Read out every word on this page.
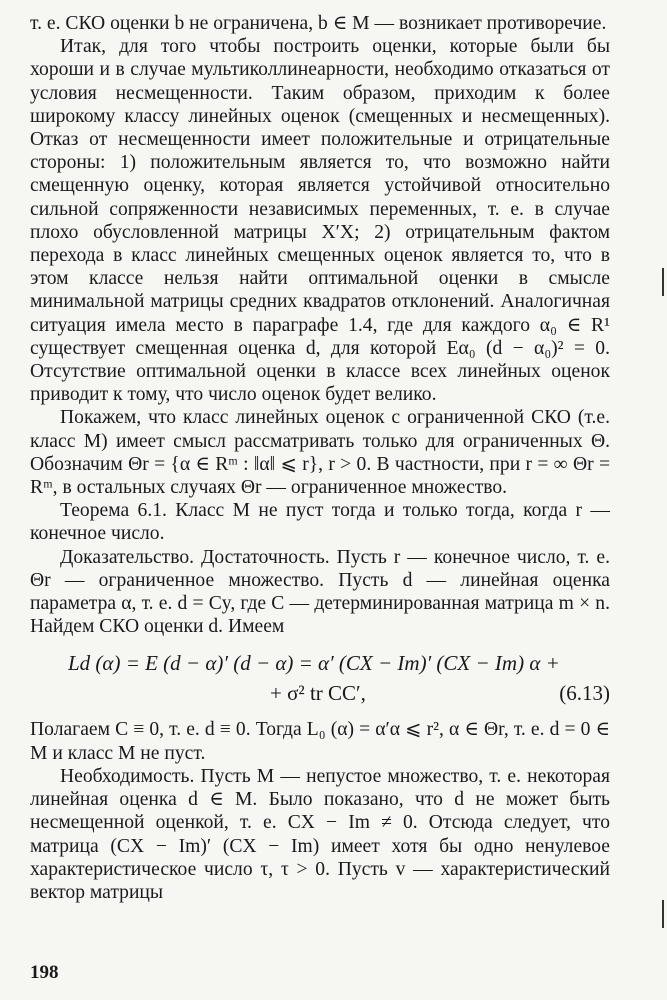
т. е. СКО оценки b не ограничена, b ∈ M — возникает противоречие.

Итак, для того чтобы построить оценки, которые были бы хороши и в случае мультиколлинеарности, необходимо отказаться от условия несмещенности. Таким образом, приходим к более широкому классу линейных оценок (смещенных и несмещенных). Отказ от несмещенности имеет положительные и отрицательные стороны: 1) положительным является то, что возможно найти смещенную оценку, которая является устойчивой относительно сильной сопряженности независимых переменных, т. е. в случае плохо обусловленной матрицы X′X; 2) отрицательным фактом перехода в класс линейных смещенных оценок является то, что в этом классе нельзя найти оптимальной оценки в смысле минимальной матрицы средних квадратов отклонений. Аналогичная ситуация имела место в параграфе 1.4, где для каждого α₀ ∈ R¹ существует смещенная оценка d, для которой Eα₀ (d − α₀)² = 0. Отсутствие оптимальной оценки в классе всех линейных оценок приводит к тому, что число оценок будет велико.

Покажем, что класс линейных оценок с ограниченной СКО (т.е. класс M) имеет смысл рассматривать только для ограниченных Θ. Обозначим Θr = {α ∈ Rᵐ : ‖α‖ ⩽ r}, r > 0. В частности, при r = ∞ Θr = Rᵐ, в остальных случаях Θr — ограниченное множество.

Теорема 6.1. Класс M не пуст тогда и только тогда, когда r — конечное число.

Доказательство. Достаточность. Пусть r — конечное число, т. е. Θr — ограниченное множество. Пусть d — линейная оценка параметра α, т. е. d = Cy, где C — детерминированная матрица m × n. Найдем СКО оценки d. Имеем

Ld (α) = E (d − α)′ (d − α) = α′ (CX − Im)′ (CX − Im) α +
+ σ² tr CC′,	(6.13)

Полагаем C ≡ 0, т. е. d ≡ 0. Тогда L₀ (α) = α′α ⩽ r², α ∈ Θr, т. е. d = 0 ∈ M и класс M не пуст.

Необходимость. Пусть M — непустое множество, т. е. некоторая линейная оценка d ∈ M. Было показано, что d не может быть несмещенной оценкой, т. е. CX − Im ≠ 0. Отсюда следует, что матрица (CX − Im)′ (CX − Im) имеет хотя бы одно ненулевое характеристическое число τ, τ > 0. Пусть v — характеристический вектор матрицы

198
